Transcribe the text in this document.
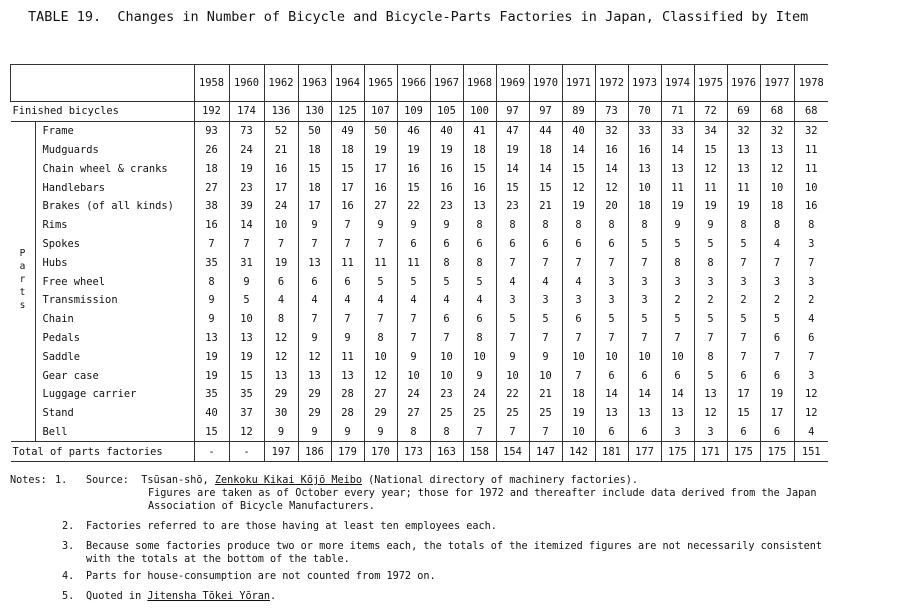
TABLE 19.  Changes in Number of Bicycle and Bicycle-Parts Factories in Japan, Classified by Item
		1958	1960	1962	1963	1964	1965	1966	1967	1968	1969	1970	1971	1972	1973	1974	1975	1976	1977	1978
Finished bicycles		192	174	136	130	125	107	109	105	100	97	97	89	73	70	71	72	69	68	68
Parts	Frame	93	73	52	50	49	50	46	40	41	47	44	40	32	33	33	34	32	32	32
	Mudguards	26	24	21	18	18	19	19	19	18	19	18	14	16	16	14	15	13	13	11
	Chain wheel & cranks	18	19	16	15	15	17	16	16	15	14	14	15	14	13	13	12	13	12	11
	Handlebars	27	23	17	18	17	16	15	16	16	15	15	12	12	10	11	11	11	10	10
	Brakes (of all kinds)	38	39	24	17	16	27	22	23	13	23	21	19	20	18	19	19	19	18	16
	Rims	16	14	10	9	7	9	9	9	8	8	8	8	8	8	9	9	8	8	8
	Spokes	7	7	7	7	7	7	6	6	6	6	6	6	6	5	5	5	5	4	3
	Hubs	35	31	19	13	11	11	11	8	8	7	7	7	7	7	8	8	7	7	7
	Free wheel	8	9	6	6	6	5	5	5	5	4	4	4	3	3	3	3	3	3	3
	Transmission	9	5	4	4	4	4	4	4	4	3	3	3	3	3	2	2	2	2	2
	Chain	9	10	8	7	7	7	7	6	6	5	5	6	5	5	5	5	5	5	4
	Pedals	13	13	12	9	9	8	7	7	8	7	7	7	7	7	7	7	7	6	6
	Saddle	19	19	12	12	11	10	9	10	10	9	9	10	10	10	10	8	7	7	7
	Gear case	19	15	13	13	13	12	10	10	9	10	10	7	6	6	6	5	6	6	3
	Luggage carrier	35	35	29	29	28	27	24	23	24	22	21	18	14	14	14	13	17	19	12
	Stand	40	37	30	29	28	29	27	25	25	25	25	19	13	13	13	12	15	17	12
	Bell	15	12	9	9	9	9	8	8	7	7	7	10	6	6	3	3	6	6	4
Total of parts factories		-	-	197	186	179	170	173	163	158	154	147	142	181	177	175	171	175	175	151
Notes: 1. Source:  Tsūsan-shō, Zenkoku Kikai Kōjō Meibo (National directory of machinery factories).
Figures are taken as of October every year; those for 1972 and thereafter include data derived from the Japan
Association of Bicycle Manufacturers.
2. Factories referred to are those having at least ten employees each.
3. Because some factories produce two or more items each, the totals of the itemized figures are not necessarily consistent
with the totals at the bottom of the table.
4. Parts for house-consumption are not counted from 1972 on.
5. Quoted in Jitensha Tōkei Yōran.
